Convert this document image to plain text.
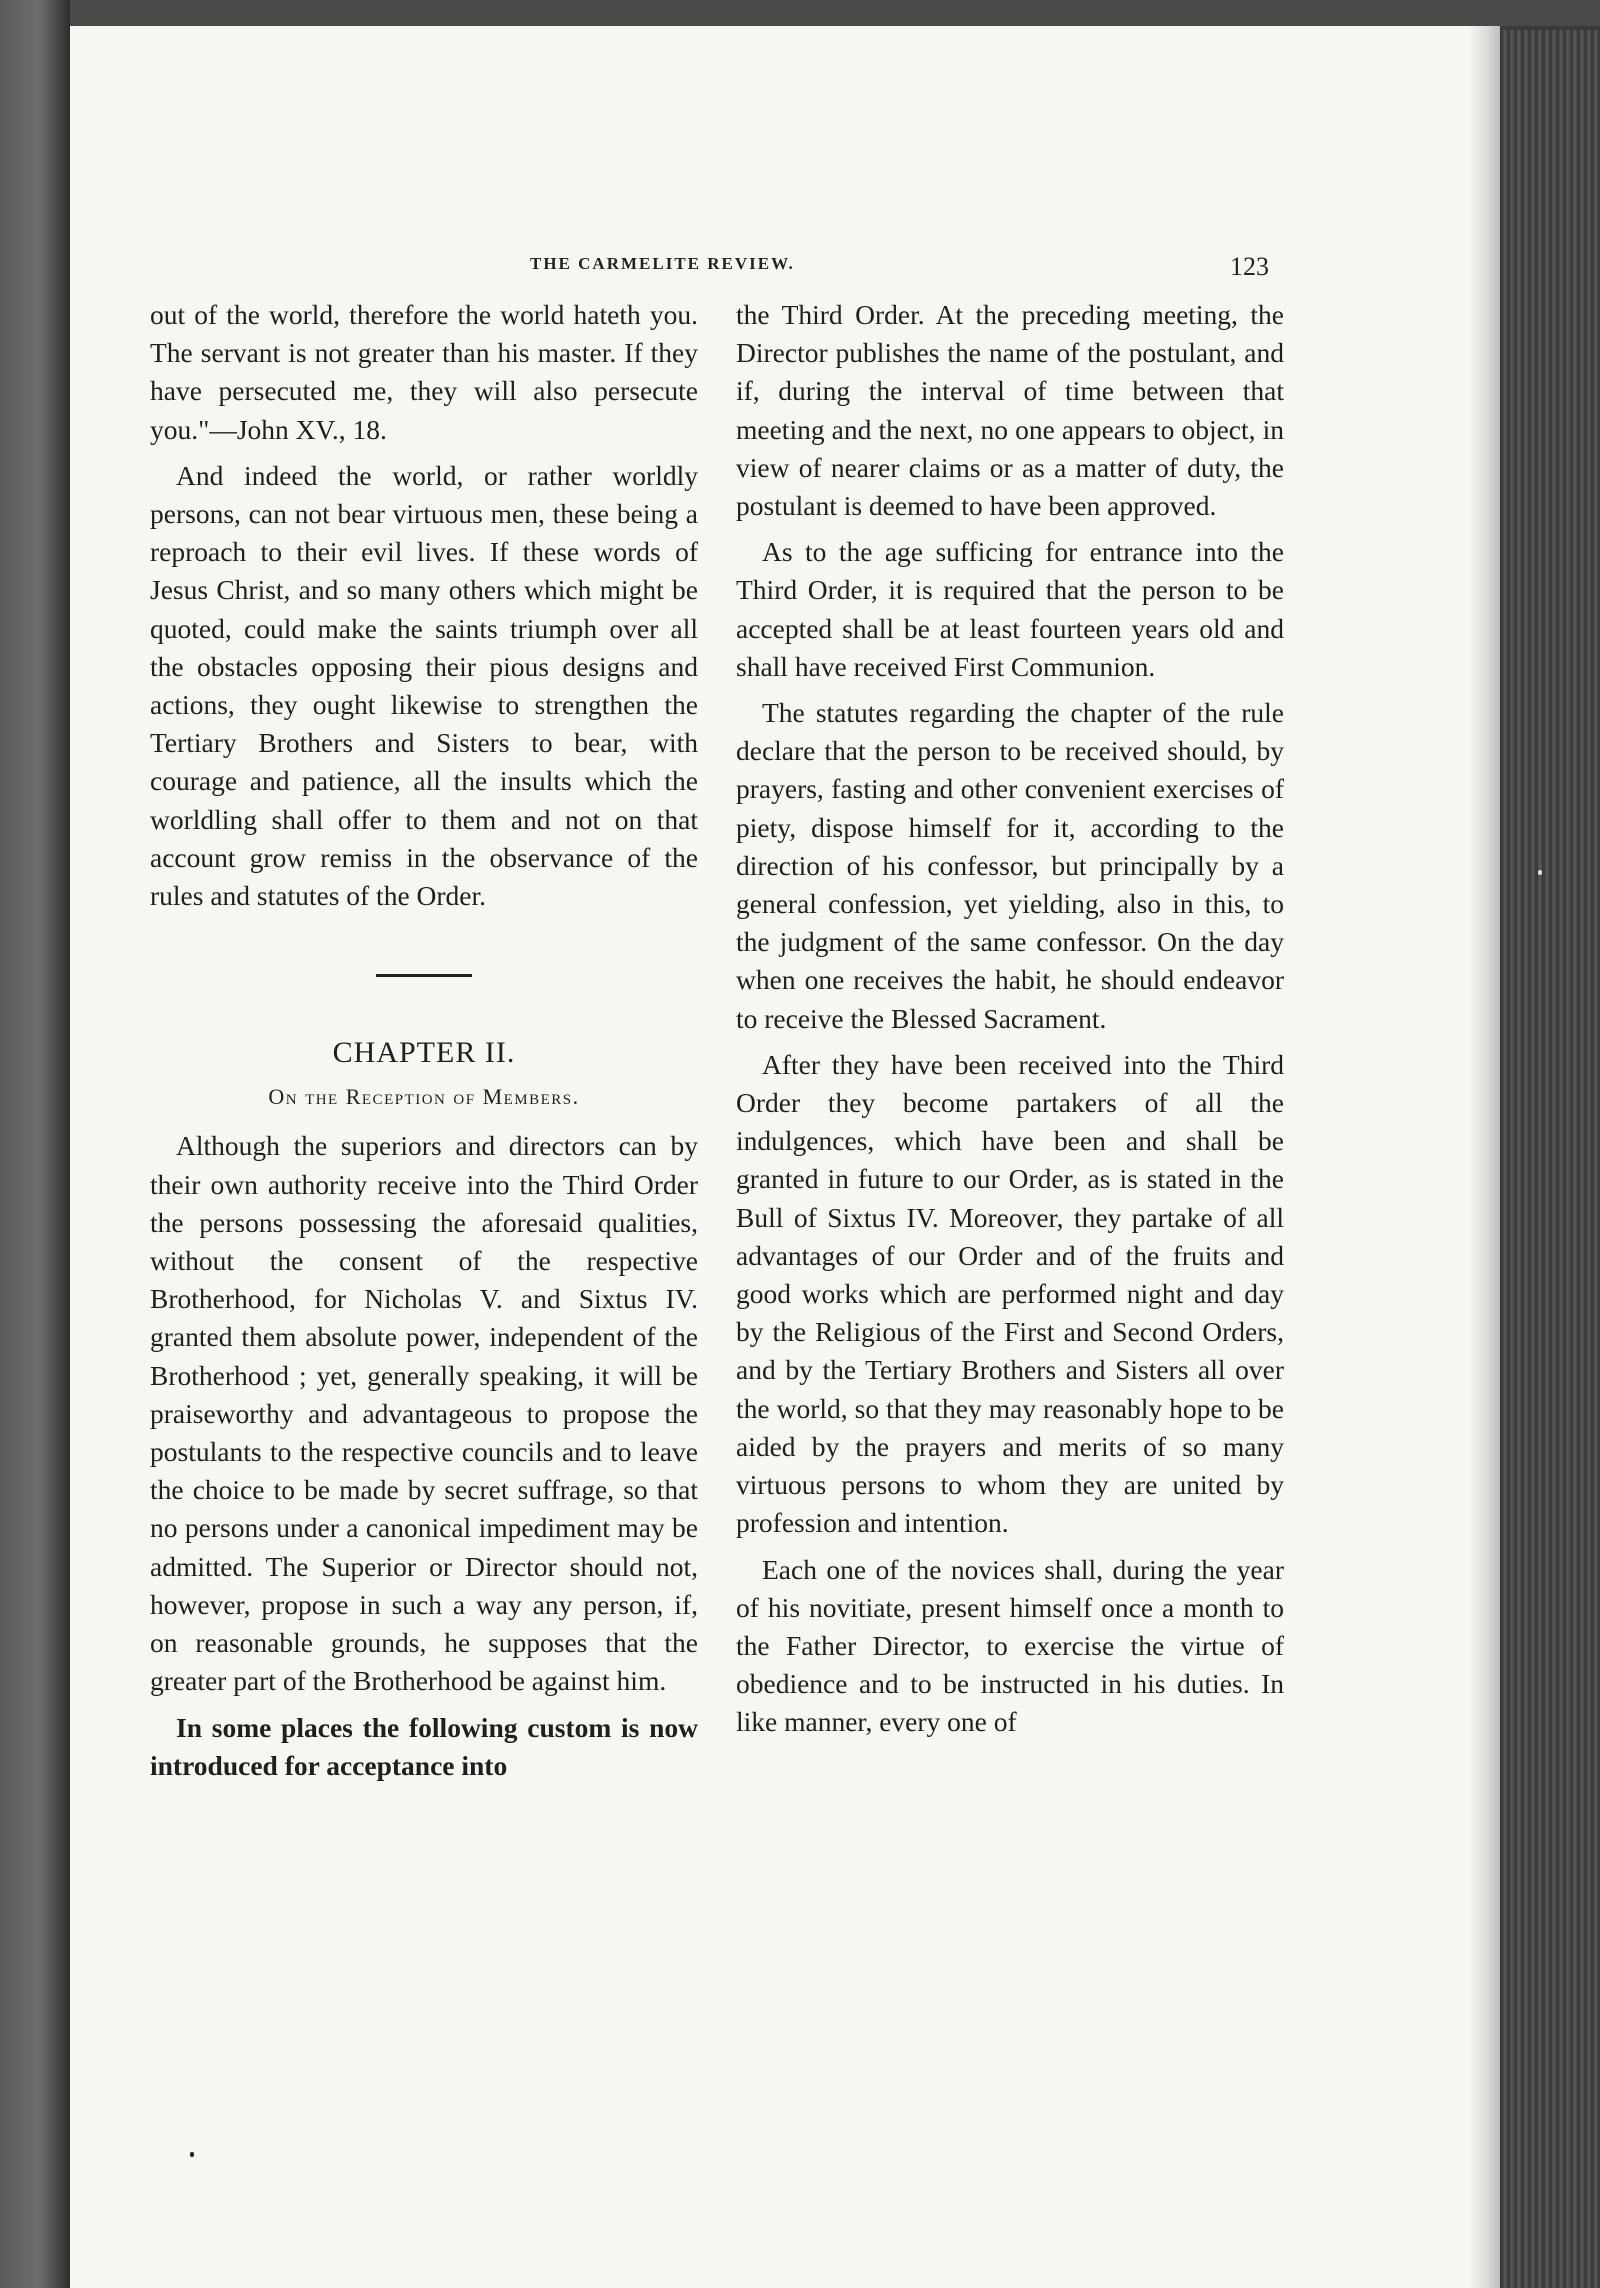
THE CARMELITE REVIEW.	123

out of the world, therefore the world hateth you. The servant is not greater than his master. If they have persecuted me, they will also persecute you."—John XV., 18.

And indeed the world, or rather worldly persons, can not bear virtuous men, these being a reproach to their evil lives. If these words of Jesus Christ, and so many others which might be quoted, could make the saints triumph over all the obstacles opposing their pious designs and actions, they ought likewise to strengthen the Tertiary Brothers and Sisters to bear, with courage and patience, all the insults which the worldling shall offer to them and not on that account grow remiss in the observance of the rules and statutes of the Order.

CHAPTER II.
On the Reception of Members.

Although the superiors and directors can by their own authority receive into the Third Order the persons possessing the aforesaid qualities, without the consent of the respective Brotherhood, for Nicholas V. and Sixtus IV. granted them absolute power, independent of the Brotherhood ; yet, generally speaking, it will be praiseworthy and advantageous to propose the postulants to the respective councils and to leave the choice to be made by secret suffrage, so that no persons under a canonical impediment may be admitted. The Superior or Director should not, however, propose in such a way any person, if, on reasonable grounds, he supposes that the greater part of the Brotherhood be against him.

In some places the following custom is now introduced for acceptance into

the Third Order. At the preceding meeting, the Director publishes the name of the postulant, and if, during the interval of time between that meeting and the next, no one appears to object, in view of nearer claims or as a matter of duty, the postulant is deemed to have been approved.

As to the age sufficing for entrance into the Third Order, it is required that the person to be accepted shall be at least fourteen years old and shall have received First Communion.

The statutes regarding the chapter of the rule declare that the person to be received should, by prayers, fasting and other convenient exercises of piety, dispose himself for it, according to the direction of his confessor, but principally by a general confession, yet yielding, also in this, to the judgment of the same confessor. On the day when one receives the habit, he should endeavor to receive the Blessed Sacrament.

After they have been received into the Third Order they become partakers of all the indulgences, which have been and shall be granted in future to our Order, as is stated in the Bull of Sixtus IV. Moreover, they partake of all advantages of our Order and of the fruits and good works which are performed night and day by the Religious of the First and Second Orders, and by the Tertiary Brothers and Sisters all over the world, so that they may reasonably hope to be aided by the prayers and merits of so many virtuous persons to whom they are united by profession and intention.

Each one of the novices shall, during the year of his novitiate, present himself once a month to the Father Director, to exercise the virtue of obedience and to be instructed in his duties. In like manner, every one of
